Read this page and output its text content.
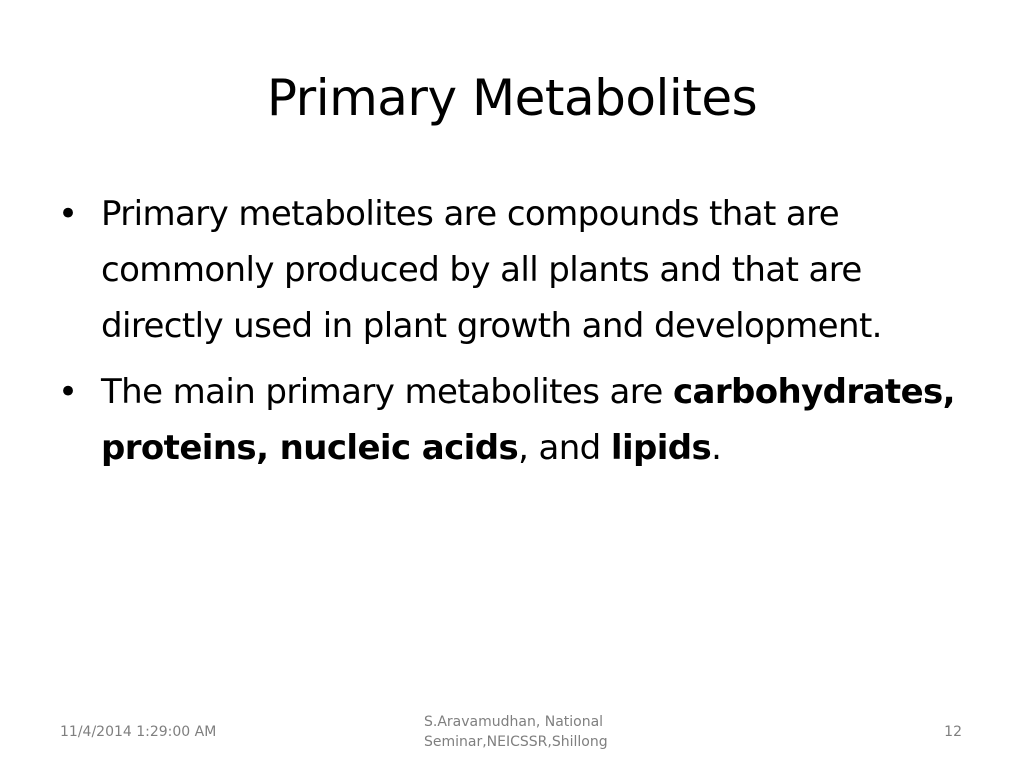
Primary Metabolites
• Primary metabolites are compounds that are commonly produced by all plants and that are directly used in plant growth and development.
• The main primary metabolites are carbohydrates, proteins, nucleic acids, and lipids.
11/4/2014 1:29:00 AM
S.Aravamudhan, National
Seminar,NEICSSR,Shillong
12
